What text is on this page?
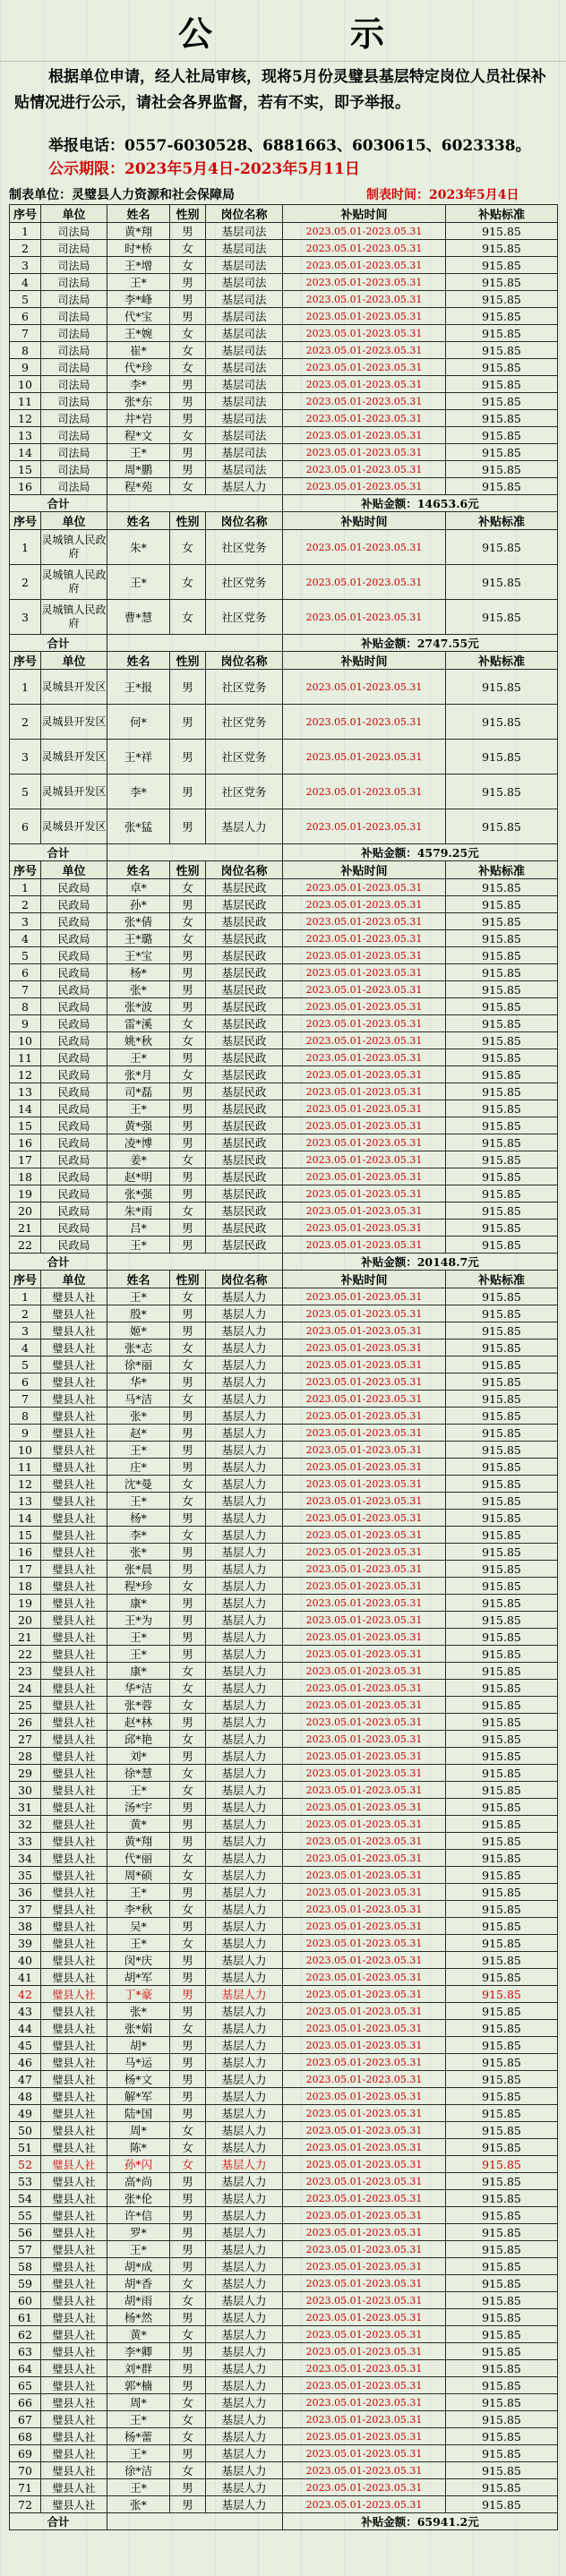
公	示

根据单位申请，经人社局审核，现将5月份灵璧县基层特定岗位人员社保补贴情况进行公示，请社会各界监督，若有不实，即予举报。

举报电话：0557-6030528、6881663、6030615、6023338。
公示期限：2023年5月4日-2023年5月11日
制表单位：灵璧县人力资源和社会保障局	制表时间：2023年5月4日
序号	单位	姓名	性别	岗位名称	补贴时间	补贴标准
1	司法局	黄*翔	男	基层司法	2023.05.01-2023.05.31	915.85
2	司法局	时*桥	女	基层司法	2023.05.01-2023.05.31	915.85
3	司法局	王*增	女	基层司法	2023.05.01-2023.05.31	915.85
4	司法局	王*	男	基层司法	2023.05.01-2023.05.31	915.85
5	司法局	李*峰	男	基层司法	2023.05.01-2023.05.31	915.85
6	司法局	代*宝	男	基层司法	2023.05.01-2023.05.31	915.85
7	司法局	王*婉	女	基层司法	2023.05.01-2023.05.31	915.85
8	司法局	崔*	女	基层司法	2023.05.01-2023.05.31	915.85
9	司法局	代*珍	女	基层司法	2023.05.01-2023.05.31	915.85
10	司法局	李*	男	基层司法	2023.05.01-2023.05.31	915.85
11	司法局	张*东	男	基层司法	2023.05.01-2023.05.31	915.85
12	司法局	井*岩	男	基层司法	2023.05.01-2023.05.31	915.85
13	司法局	程*文	女	基层司法	2023.05.01-2023.05.31	915.85
14	司法局	王*	男	基层司法	2023.05.01-2023.05.31	915.85
15	司法局	周*鹏	男	基层司法	2023.05.01-2023.05.31	915.85
16	司法局	程*苑	女	基层人力	2023.05.01-2023.05.31	915.85
合计					补贴金额：14653.6元	
序号	单位	姓名	性别	岗位名称	补贴时间	补贴标准
1	灵城镇人民政府	朱*	女	社区党务	2023.05.01-2023.05.31	915.85
2	灵城镇人民政府	王*	女	社区党务	2023.05.01-2023.05.31	915.85
3	灵城镇人民政府	曹*慧	女	社区党务	2023.05.01-2023.05.31	915.85
合计					补贴金额：2747.55元	
序号	单位	姓名	性别	岗位名称	补贴时间	补贴标准
1	灵城县开发区	王*报	男	社区党务	2023.05.01-2023.05.31	915.85
2	灵城县开发区	何*	男	社区党务	2023.05.01-2023.05.31	915.85
3	灵城县开发区	王*祥	男	社区党务	2023.05.01-2023.05.31	915.85
5	灵城县开发区	李*	男	社区党务	2023.05.01-2023.05.31	915.85
6	灵城县开发区	张*猛	男	基层人力	2023.05.01-2023.05.31	915.85
合计					补贴金额：4579.25元	
序号	单位	姓名	性别	岗位名称	补贴时间	补贴标准
1	民政局	卓*	女	基层民政	2023.05.01-2023.05.31	915.85
2	民政局	孙*	男	基层民政	2023.05.01-2023.05.31	915.85
3	民政局	张*倩	女	基层民政	2023.05.01-2023.05.31	915.85
4	民政局	王*璐	女	基层民政	2023.05.01-2023.05.31	915.85
5	民政局	王*宝	男	基层民政	2023.05.01-2023.05.31	915.85
6	民政局	杨*	男	基层民政	2023.05.01-2023.05.31	915.85
7	民政局	张*	男	基层民政	2023.05.01-2023.05.31	915.85
8	民政局	张*波	男	基层民政	2023.05.01-2023.05.31	915.85
9	民政局	雷*溪	女	基层民政	2023.05.01-2023.05.31	915.85
10	民政局	姚*秋	女	基层民政	2023.05.01-2023.05.31	915.85
11	民政局	王*	男	基层民政	2023.05.01-2023.05.31	915.85
12	民政局	张*月	女	基层民政	2023.05.01-2023.05.31	915.85
13	民政局	司*磊	男	基层民政	2023.05.01-2023.05.31	915.85
14	民政局	王*	男	基层民政	2023.05.01-2023.05.31	915.85
15	民政局	黄*强	男	基层民政	2023.05.01-2023.05.31	915.85
16	民政局	凌*博	男	基层民政	2023.05.01-2023.05.31	915.85
17	民政局	姜*	女	基层民政	2023.05.01-2023.05.31	915.85
18	民政局	赵*明	男	基层民政	2023.05.01-2023.05.31	915.85
19	民政局	张*强	男	基层民政	2023.05.01-2023.05.31	915.85
20	民政局	朱*雨	女	基层民政	2023.05.01-2023.05.31	915.85
21	民政局	吕*	男	基层民政	2023.05.01-2023.05.31	915.85
22	民政局	王*	男	基层民政	2023.05.01-2023.05.31	915.85
合计					补贴金额：20148.7元	
序号	单位	姓名	性别	岗位名称	补贴时间	补贴标准
1	璧县人社	王*	女	基层人力	2023.05.01-2023.05.31	915.85
2	璧县人社	殷*	男	基层人力	2023.05.01-2023.05.31	915.85
3	璧县人社	姬*	男	基层人力	2023.05.01-2023.05.31	915.85
4	璧县人社	张*志	女	基层人力	2023.05.01-2023.05.31	915.85
5	璧县人社	徐*丽	女	基层人力	2023.05.01-2023.05.31	915.85
6	璧县人社	华*	男	基层人力	2023.05.01-2023.05.31	915.85
7	璧县人社	马*洁	女	基层人力	2023.05.01-2023.05.31	915.85
8	璧县人社	张*	男	基层人力	2023.05.01-2023.05.31	915.85
9	璧县人社	赵*	男	基层人力	2023.05.01-2023.05.31	915.85
10	璧县人社	王*	男	基层人力	2023.05.01-2023.05.31	915.85
11	璧县人社	庄*	男	基层人力	2023.05.01-2023.05.31	915.85
12	璧县人社	沈*曼	女	基层人力	2023.05.01-2023.05.31	915.85
13	璧县人社	王*	女	基层人力	2023.05.01-2023.05.31	915.85
14	璧县人社	杨*	男	基层人力	2023.05.01-2023.05.31	915.85
15	璧县人社	李*	女	基层人力	2023.05.01-2023.05.31	915.85
16	璧县人社	张*	男	基层人力	2023.05.01-2023.05.31	915.85
17	璧县人社	张*晨	男	基层人力	2023.05.01-2023.05.31	915.85
18	璧县人社	程*珍	女	基层人力	2023.05.01-2023.05.31	915.85
19	璧县人社	康*	男	基层人力	2023.05.01-2023.05.31	915.85
20	璧县人社	王*为	男	基层人力	2023.05.01-2023.05.31	915.85
21	璧县人社	王*	男	基层人力	2023.05.01-2023.05.31	915.85
22	璧县人社	王*	男	基层人力	2023.05.01-2023.05.31	915.85
23	璧县人社	康*	女	基层人力	2023.05.01-2023.05.31	915.85
24	璧县人社	华*洁	女	基层人力	2023.05.01-2023.05.31	915.85
25	璧县人社	张*蓉	女	基层人力	2023.05.01-2023.05.31	915.85
26	璧县人社	赵*林	男	基层人力	2023.05.01-2023.05.31	915.85
27	璧县人社	邱*艳	女	基层人力	2023.05.01-2023.05.31	915.85
28	璧县人社	刘*	男	基层人力	2023.05.01-2023.05.31	915.85
29	璧县人社	徐*慧	女	基层人力	2023.05.01-2023.05.31	915.85
30	璧县人社	王*	女	基层人力	2023.05.01-2023.05.31	915.85
31	璧县人社	汤*宇	男	基层人力	2023.05.01-2023.05.31	915.85
32	璧县人社	黄*	男	基层人力	2023.05.01-2023.05.31	915.85
33	璧县人社	黄*翔	男	基层人力	2023.05.01-2023.05.31	915.85
34	璧县人社	代*丽	女	基层人力	2023.05.01-2023.05.31	915.85
35	璧县人社	周*硕	女	基层人力	2023.05.01-2023.05.31	915.85
36	璧县人社	王*	男	基层人力	2023.05.01-2023.05.31	915.85
37	璧县人社	李*秋	女	基层人力	2023.05.01-2023.05.31	915.85
38	璧县人社	吴*	男	基层人力	2023.05.01-2023.05.31	915.85
39	璧县人社	王*	女	基层人力	2023.05.01-2023.05.31	915.85
40	璧县人社	闵*庆	男	基层人力	2023.05.01-2023.05.31	915.85
41	璧县人社	胡*军	男	基层人力	2023.05.01-2023.05.31	915.85
42	璧县人社	丁*豪	男	基层人力	2023.05.01-2023.05.31	915.85
43	璧县人社	张*	男	基层人力	2023.05.01-2023.05.31	915.85
44	璧县人社	张*娟	女	基层人力	2023.05.01-2023.05.31	915.85
45	璧县人社	胡*	男	基层人力	2023.05.01-2023.05.31	915.85
46	璧县人社	马*运	男	基层人力	2023.05.01-2023.05.31	915.85
47	璧县人社	杨*文	男	基层人力	2023.05.01-2023.05.31	915.85
48	璧县人社	解*军	男	基层人力	2023.05.01-2023.05.31	915.85
49	璧县人社	陆*国	男	基层人力	2023.05.01-2023.05.31	915.85
50	璧县人社	周*	女	基层人力	2023.05.01-2023.05.31	915.85
51	璧县人社	陈*	女	基层人力	2023.05.01-2023.05.31	915.85
52	璧县人社	孙*闪	女	基层人力	2023.05.01-2023.05.31	915.85
53	璧县人社	高*尚	男	基层人力	2023.05.01-2023.05.31	915.85
54	璧县人社	张*伦	男	基层人力	2023.05.01-2023.05.31	915.85
55	璧县人社	许*信	男	基层人力	2023.05.01-2023.05.31	915.85
56	璧县人社	罗*	男	基层人力	2023.05.01-2023.05.31	915.85
57	璧县人社	王*	男	基层人力	2023.05.01-2023.05.31	915.85
58	璧县人社	胡*成	男	基层人力	2023.05.01-2023.05.31	915.85
59	璧县人社	胡*香	女	基层人力	2023.05.01-2023.05.31	915.85
60	璧县人社	胡*雨	女	基层人力	2023.05.01-2023.05.31	915.85
61	璧县人社	杨*然	男	基层人力	2023.05.01-2023.05.31	915.85
62	璧县人社	黄*	女	基层人力	2023.05.01-2023.05.31	915.85
63	璧县人社	李*卿	男	基层人力	2023.05.01-2023.05.31	915.85
64	璧县人社	刘*群	男	基层人力	2023.05.01-2023.05.31	915.85
65	璧县人社	郭*楠	男	基层人力	2023.05.01-2023.05.31	915.85
66	璧县人社	周*	女	基层人力	2023.05.01-2023.05.31	915.85
67	璧县人社	王*	女	基层人力	2023.05.01-2023.05.31	915.85
68	璧县人社	杨*蕾	女	基层人力	2023.05.01-2023.05.31	915.85
69	璧县人社	王*	男	基层人力	2023.05.01-2023.05.31	915.85
70	璧县人社	徐*洁	女	基层人力	2023.05.01-2023.05.31	915.85
71	璧县人社	王*	男	基层人力	2023.05.01-2023.05.31	915.85
72	璧县人社	张*	男	基层人力	2023.05.01-2023.05.31	915.85
合计					补贴金额：65941.2元	
